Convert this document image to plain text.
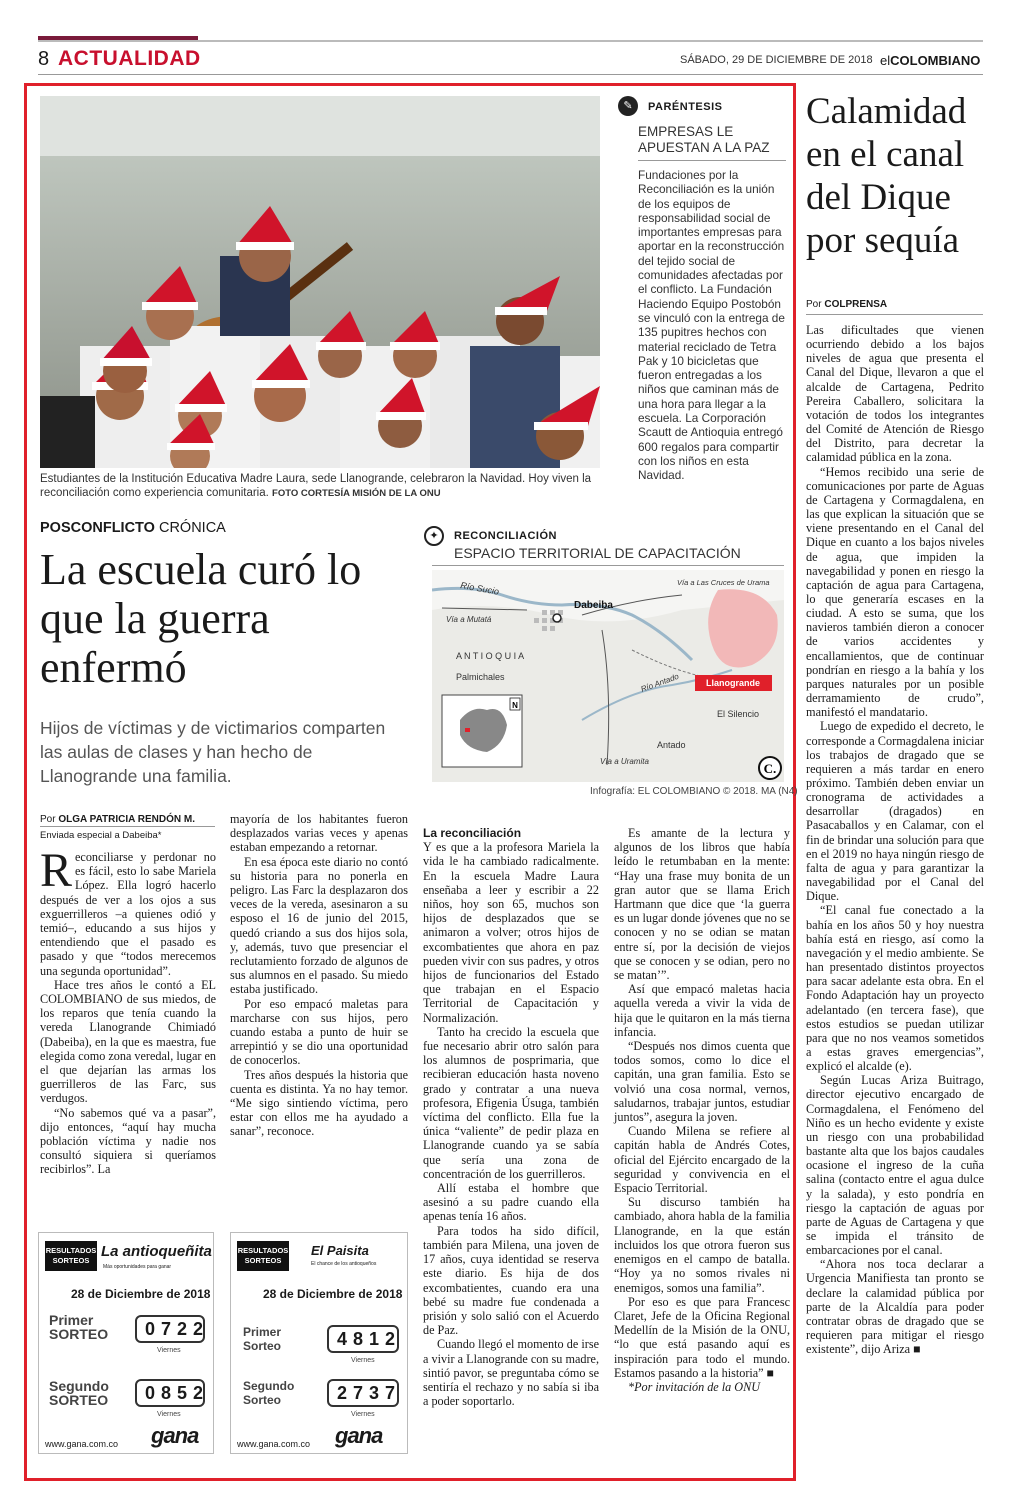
8 ACTUALIDAD	SÁBADO, 29 DE DICIEMBRE DE 2018 elCOLOMBIANO
Estudiantes de la Institución Educativa Madre Laura, sede Llanogrande, celebraron la Navidad. Hoy viven la reconciliación como experiencia comunitaria. FOTO CORTESÍA MISIÓN DE LA ONU
✎	PARÉNTESIS
EMPRESAS LE APUESTAN A LA PAZ
Fundaciones por la Reconciliación es la unión de los equipos de responsabilidad social de importantes empresas para aportar en la reconstrucción del tejido social de comunidades afectadas por el conflicto. La Fundación Haciendo Equipo Postobón se vinculó con la entrega de 135 pupitres hechos con material reciclado de Tetra Pak y 10 bicicletas que fueron entregadas a los niños que caminan más de una hora para llegar a la escuela. La Corporación Scautt de Antioquia entregó 600 regalos para compartir con los niños en esta Navidad.
Calamidad en el canal del Dique por sequía
Por COLPRENSA

Las dificultades que vienen ocurriendo debido a los bajos niveles de agua que presenta el Canal del Dique, llevaron a que el alcalde de Cartagena, Pedrito Pereira Caballero, solicitara la votación de todos los integrantes del Comité de Atención de Riesgo del Distrito, para decretar la calamidad pública en la zona.

“Hemos recibido una serie de comunicaciones por parte de Aguas de Cartagena y Cormagdalena, en las que explican la situación que se viene presentando en el Canal del Dique en cuanto a los bajos niveles de agua, que impiden la navegabilidad y ponen en riesgo la captación de agua para Cartagena, lo que generaría escases en la ciudad. A esto se suma, que los navieros también dieron a conocer de varios accidentes y encallamientos, que de continuar pondrían en riesgo a la bahía y los parques naturales por un posible derramamiento de crudo”, manifestó el mandatario.

Luego de expedido el decreto, le corresponde a Cormagdalena iniciar los trabajos de dragado que se requieren a más tardar en enero próximo. También deben enviar un cronograma de actividades a desarrollar (dragados) en Pasacaballos y en Calamar, con el fin de brindar una solución para que en el 2019 no haya ningún riesgo de falta de agua y para garantizar la navegabilidad por el Canal del Dique.

“El canal fue conectado a la bahía en los años 50 y hoy nuestra bahía está en riesgo, así como la navegación y el medio ambiente. Se han presentado distintos proyectos para sacar adelante esta obra. En el Fondo Adaptación hay un proyecto adelantado (en tercera fase), que estos estudios se puedan utilizar para que no nos veamos sometidos a estas graves emergencias”, explicó el alcalde (e).

Según Lucas Ariza Buitrago, director ejecutivo encargado de Cormagdalena, el Fenómeno del Niño es un hecho evidente y existe un riesgo con una probabilidad bastante alta que los bajos caudales ocasione el ingreso de la cuña salina (contacto entre el agua dulce y la salada), y esto pondría en riesgo la captación de aguas por parte de Aguas de Cartagena y que se impida el tránsito de embarcaciones por el canal.

“Ahora nos toca declarar a Urgencia Manifiesta tan pronto se declare la calamidad pública por parte de la Alcaldía para poder contratar obras de dragado que se requieren para mitigar el riesgo existente”, dijo Ariza ■

POSCONFLICTO CRÓNICA
La escuela curó lo que la guerra enfermó
Hijos de víctimas y de victimarios comparten las aulas de clases y han hecho de Llanogrande una familia.
Por OLGA PATRICIA RENDÓN M.
Enviada especial a Dabeiba*

Reconciliarse y perdonar no es fácil, esto lo sabe Mariela López. Ella logró hacerlo después de ver a los ojos a sus exguerrilleros –a quienes odió y temió–, educando a sus hijos y entendiendo que el pasado es pasado y que “todos merecemos una segunda oportunidad”.

Hace tres años le contó a EL COLOMBIANO de sus miedos, de los reparos que tenía cuando la vereda Llanogrande Chimiadó (Dabeiba), en la que es maestra, fue elegida como zona veredal, lugar en el que dejarían las armas los guerrilleros de las Farc, sus verdugos.

“No sabemos qué va a pasar”, dijo entonces, “aquí hay mucha población víctima y nadie nos consultó siquiera si queríamos recibirlos”. La

mayoría de los habitantes fueron desplazados varias veces y apenas estaban empezando a retornar.

En esa época este diario no contó su historia para no ponerla en peligro. Las Farc la desplazaron dos veces de la vereda, asesinaron a su esposo el 16 de junio del 2015, quedó criando a sus dos hijos sola, y, además, tuvo que presenciar el reclutamiento forzado de algunos de sus alumnos en el pasado. Su miedo estaba justificado.

Por eso empacó maletas para marcharse con sus hijos, pero cuando estaba a punto de huir se arrepintió y se dio una oportunidad de conocerlos.

Tres años después la historia que cuenta es distinta. Ya no hay temor. “Me sigo sintiendo víctima, pero estar con ellos me ha ayudado a sanar”, reconoce.

La reconciliación

Y es que a la profesora Mariela la vida le ha cambiado radicalmente. En la escuela Madre Laura enseñaba a leer y escribir a 22 niños, hoy son 65, muchos son hijos de desplazados que se animaron a volver; otros hijos de excombatientes que ahora en paz pueden vivir con sus padres, y otros hijos de funcionarios del Estado que trabajan en el Espacio Territorial de Capacitación y Normalización.

Tanto ha crecido la escuela que fue necesario abrir otro salón para los alumnos de posprimaria, que recibieran educación hasta noveno grado y contratar a una nueva profesora, Efigenia Úsuga, también víctima del conflicto. Ella fue la única “valiente” de pedir plaza en Llanogrande cuando ya se sabía que sería una zona de concentración de los guerrilleros.

Allí estaba el hombre que asesinó a su padre cuando ella apenas tenía 16 años.

Para todos ha sido difícil, también para Milena, una joven de 17 años, cuya identidad se reserva este diario. Es hija de dos excombatientes, cuando era una bebé su madre fue condenada a prisión y solo salió con el Acuerdo de Paz.

Cuando llegó el momento de irse a vivir a Llanogrande con su madre, sintió pavor, se preguntaba cómo se sentiría el rechazo y no sabía si iba a poder soportarlo.

Es amante de la lectura y algunos de los libros que había leído le retumbaban en la mente: “Hay una frase muy bonita de un gran autor que se llama Erich Hartmann que dice que ‘la guerra es un lugar donde jóvenes que no se conocen y no se odian se matan entre sí, por la decisión de viejos que se conocen y se odian, pero no se matan’”.

Así que empacó maletas hacia aquella vereda a vivir la vida de hija que le quitaron en la más tierna infancia.

“Después nos dimos cuenta que todos somos, como lo dice el capitán, una gran familia. Esto se volvió una cosa normal, vernos, saludarnos, trabajar juntos, estudiar juntos”, asegura la joven.

Cuando Milena se refiere al capitán habla de Andrés Cotes, oficial del Ejército encargado de la seguridad y convivencia en el Espacio Territorial.

Su discurso también ha cambiado, ahora habla de la familia Llanogrande, en la que están incluidos los que otrora fueron sus enemigos en el campo de batalla. “Hoy ya no somos rivales ni enemigos, somos una familia”.

Por eso es que para Francesc Claret, Jefe de la Oficina Regional Medellín de la Misión de la ONU, “lo que está pasando aquí es inspiración para todo el mundo. Estamos pasando a la historia” ■

*Por invitación de la ONU

✦	RECONCILIACIÓN
ESPACIO TERRITORIAL DE CAPACITACIÓN
Río Sucio
Dabeiba
Vía a Mutatá
Vía a Las Cruces de Urama
A N T I O Q U I A
Palmichales	Río Antado	Llanogrande
El Silencio
Antado
Vía a Uramita
N
C.
Infografía: EL COLOMBIANO © 2018. MA (N4)
RESULTADOS SORTEOS
La antioqueñita
Más oportunidades para ganar
28 de Diciembre de 2018
Primer SORTEO	0722
Viernes
Segundo SORTEO	0852
Viernes
www.gana.com.co gana
RESULTADOS SORTEOS
El Paisita
El chance de los antioqueños
28 de Diciembre de 2018
Primer Sorteo	4812
Viernes
Segundo Sorteo	2737
Viernes
www.gana.com.co gana
